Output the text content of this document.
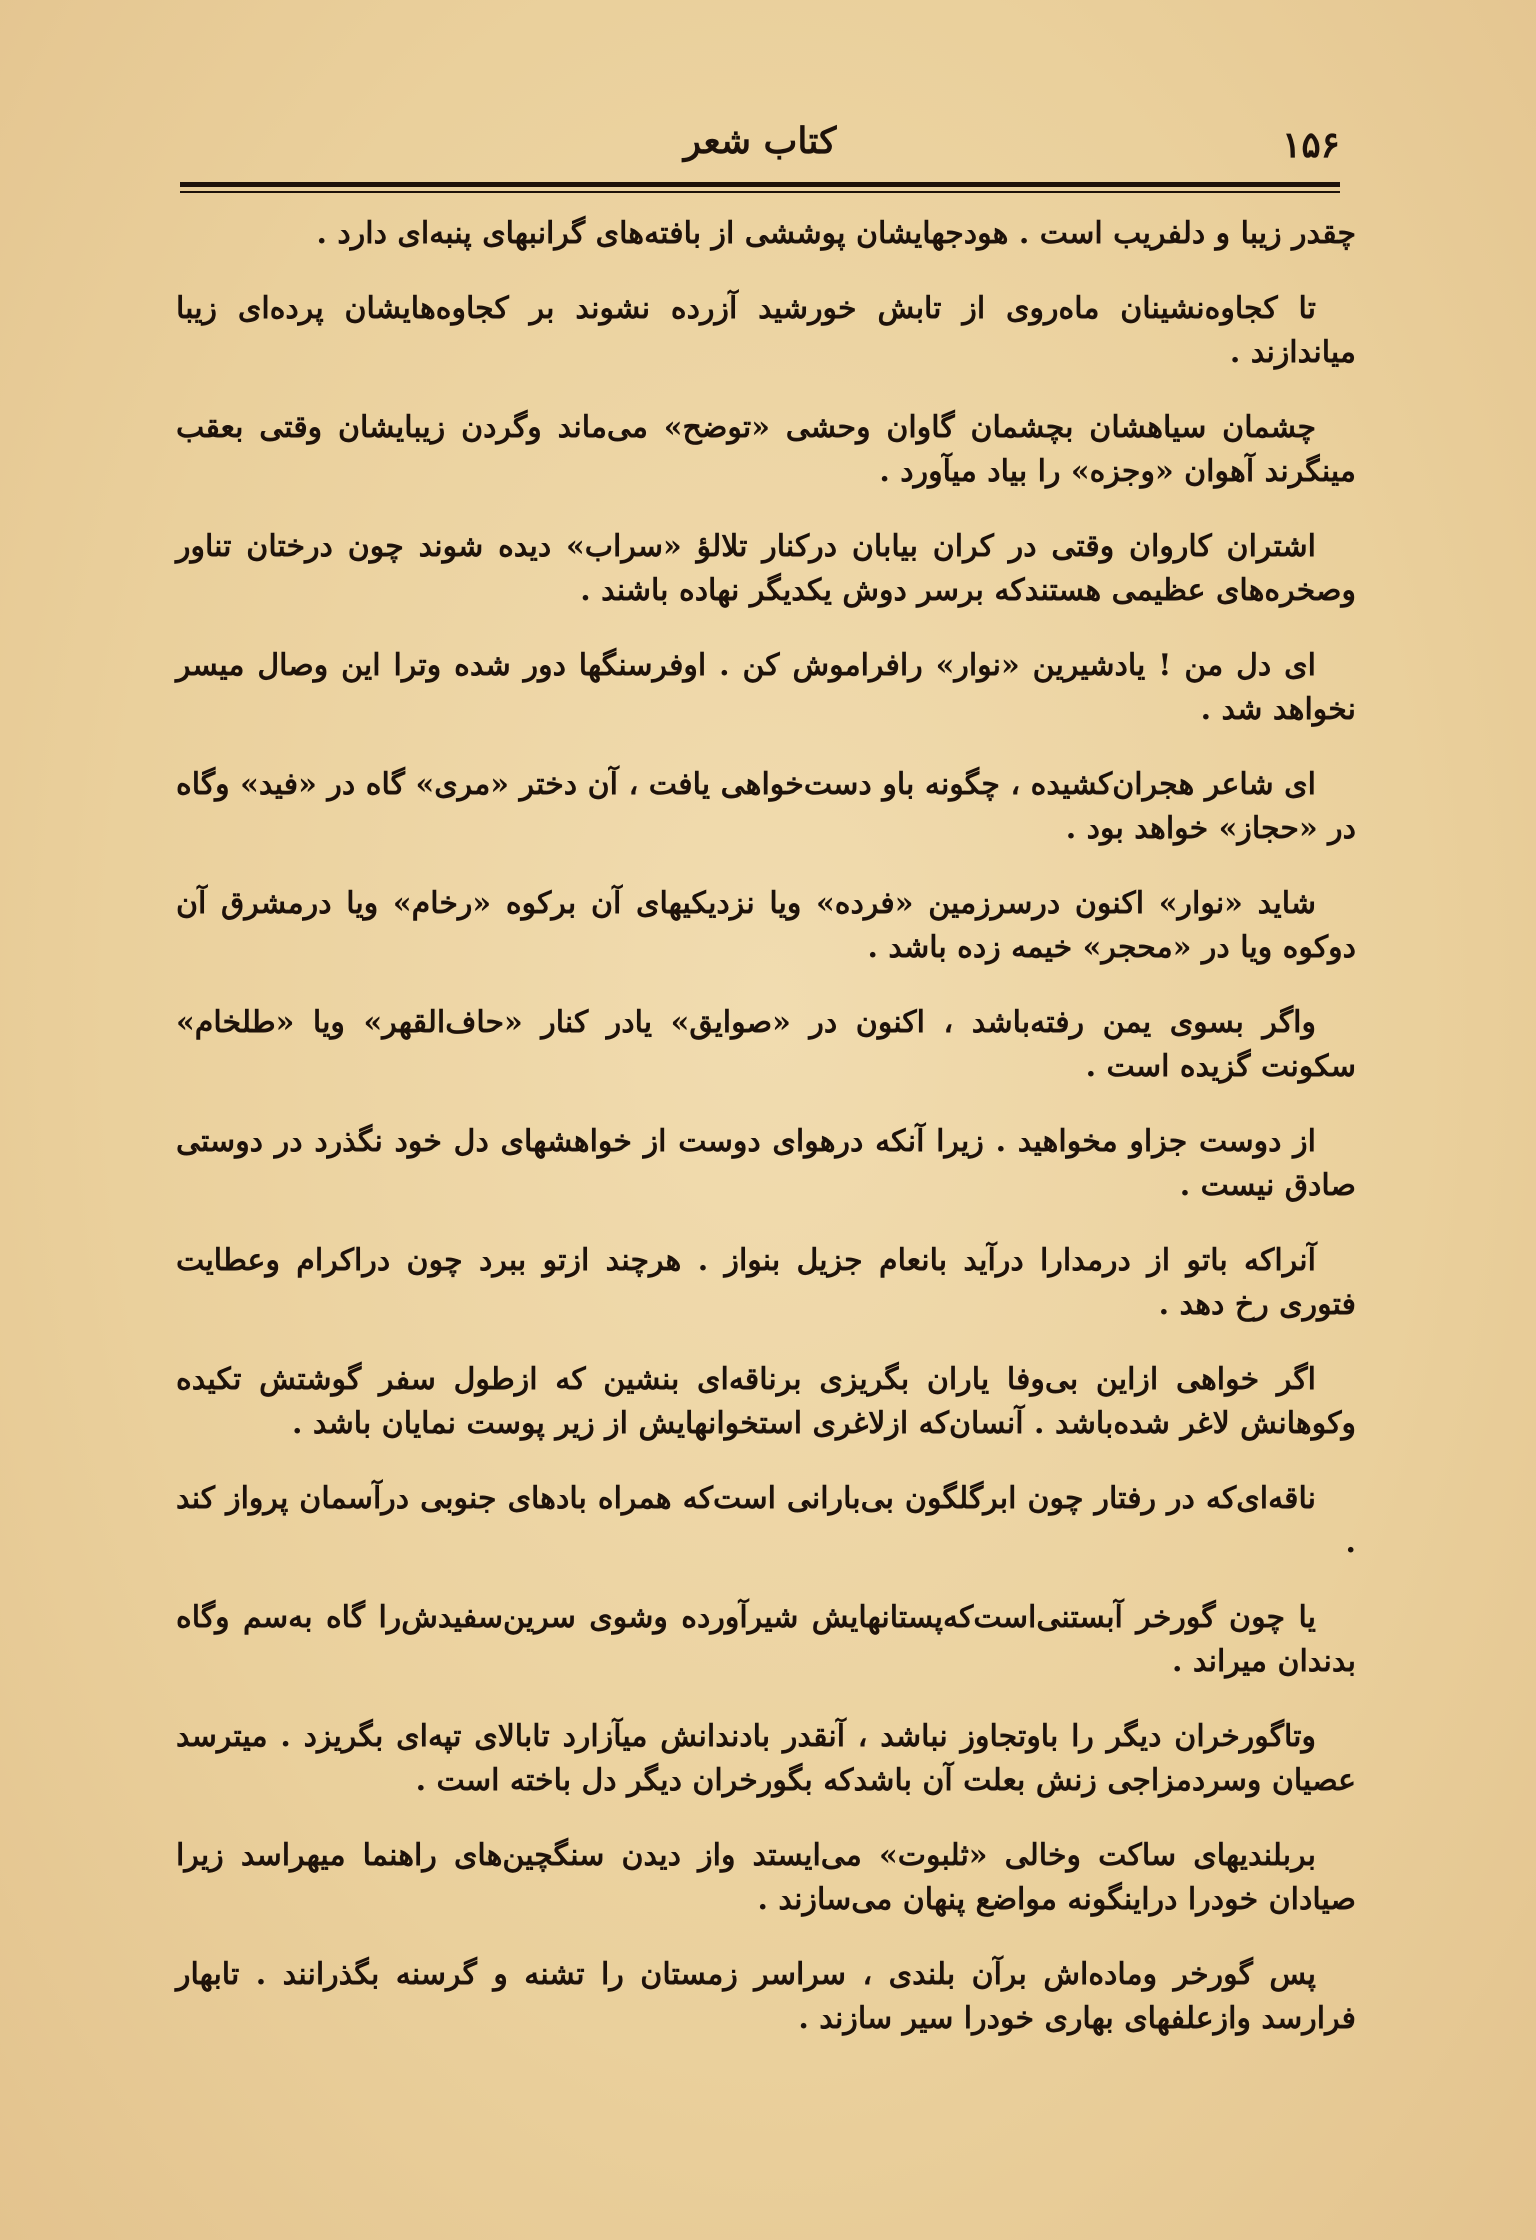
۱۵۶
کتاب شعر

چقدر زیبا و دلفریب است . هودجهایشان پوششی از بافته‌های گرانبهای پنبه‌ای دارد .

تا کجاوه‌نشینان ماه‌روی از تابش خورشید آزرده نشوند بر کجاوه‌هایشان پرده‌ای زیبا میاندازند .

چشمان سیاهشان بچشمان گاوان وحشی «توضح» می‌ماند وگردن زیبایشان وقتی بعقب مینگرند آهوان «وجزه» را بیاد میآورد .

اشتران کاروان وقتی در کران بیابان درکنار تلالؤ «سراب» دیده شوند چون درختان تناور وصخره‌های عظیمی هستندکه برسر دوش یکدیگر نهاده باشند .

ای دل من ! یادشیرین «نوار» رافراموش کن . اوفرسنگها دور شده وترا این وصال میسر نخواهد شد .

ای شاعر هجران‌کشیده ، چگونه باو دست‌خواهی یافت ، آن دختر «مری» گاه در «فید» وگاه در «حجاز» خواهد بود .

شاید «نوار» اکنون درسرزمین «فرده» ویا نزدیکیهای آن برکوه «رخام» ویا درمشرق آن دوکوه ویا در «محجر» خیمه زده باشد .

واگر بسوی یمن رفته‌باشد ، اکنون در «صوایق» یادر کنار «حاف‌القهر» ویا «طلخام» سکونت گزیده است .

از دوست جزاو مخواهید . زیرا آنکه درهوای دوست از خواهشهای دل خود نگذرد در دوستی صادق نیست .

آنراکه باتو از درمدارا درآید بانعام جزیل بنواز . هرچند ازتو ببرد چون دراکرام وعطایت فتوری رخ دهد .

اگر خواهی ازاین بی‌وفا یاران بگریزی برناقه‌ای بنشین که ازطول سفر گوشتش تکیده وکوهانش لاغر شده‌باشد . آنسان‌که ازلاغری استخوانهایش از زیر پوست نمایان باشد .

ناقه‌ای‌که در رفتار چون ابرگلگون بی‌بارانی است‌که همراه بادهای جنوبی درآسمان پرواز کند .

یا چون گورخر آبستنی‌است‌که‌پستانهایش شیرآورده وشوی سرین‌سفیدش‌را گاه به‌سم وگاه بدندان میراند .

وتاگورخران دیگر را باوتجاوز نباشد ، آنقدر بادندانش میآزارد تابالای تپه‌ای بگریزد . میترسد عصیان وسردمزاجی زنش بعلت آن باشدکه بگورخران دیگر دل باخته است .

بربلندیهای ساکت وخالی «ثلبوت» می‌ایستد واز دیدن سنگچین‌های راهنما میهراسد زیرا صیادان خودرا دراینگونه مواضع پنهان می‌سازند .

پس گورخر وماده‌اش برآن بلندی ، سراسر زمستان را تشنه و گرسنه بگذرانند . تابهار فرارسد وازعلفهای بهاری خودرا سیر سازند .
